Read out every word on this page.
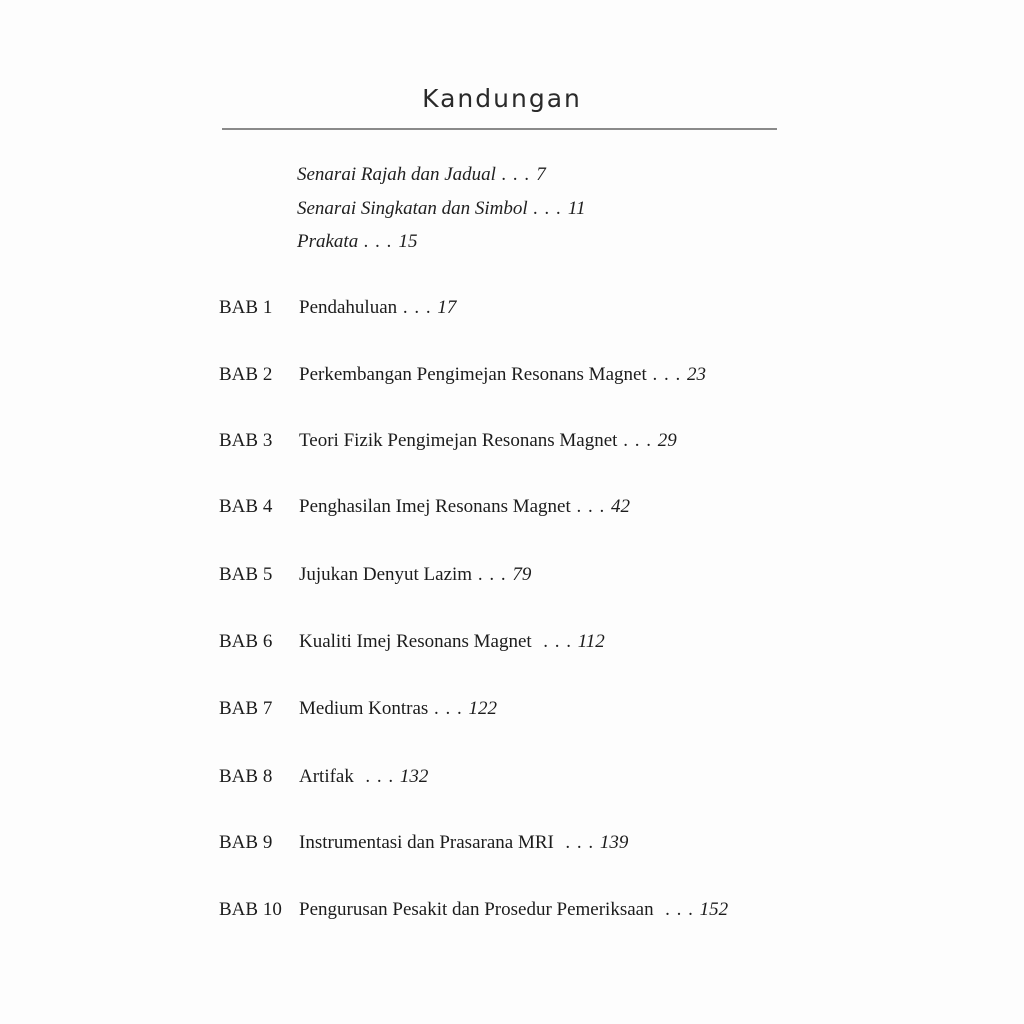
Kandungan
Senarai Rajah dan Jadual . . . 7
Senarai Singkatan dan Simbol . . . 11
Prakata . . . 15
BAB 1 Pendahuluan . . . 17
BAB 2 Perkembangan Pengimejan Resonans Magnet . . . 23
BAB 3 Teori Fizik Pengimejan Resonans Magnet . . . 29
BAB 4 Penghasilan Imej Resonans Magnet . . . 42
BAB 5 Jujukan Denyut Lazim . . . 79
BAB 6 Kualiti Imej Resonans Magnet  . . . 112
BAB 7 Medium Kontras . . . 122
BAB 8 Artifak  . . . 132
BAB 9 Instrumentasi dan Prasarana MRI  . . . 139
BAB 10 Pengurusan Pesakit dan Prosedur Pemeriksaan  . . . 152
